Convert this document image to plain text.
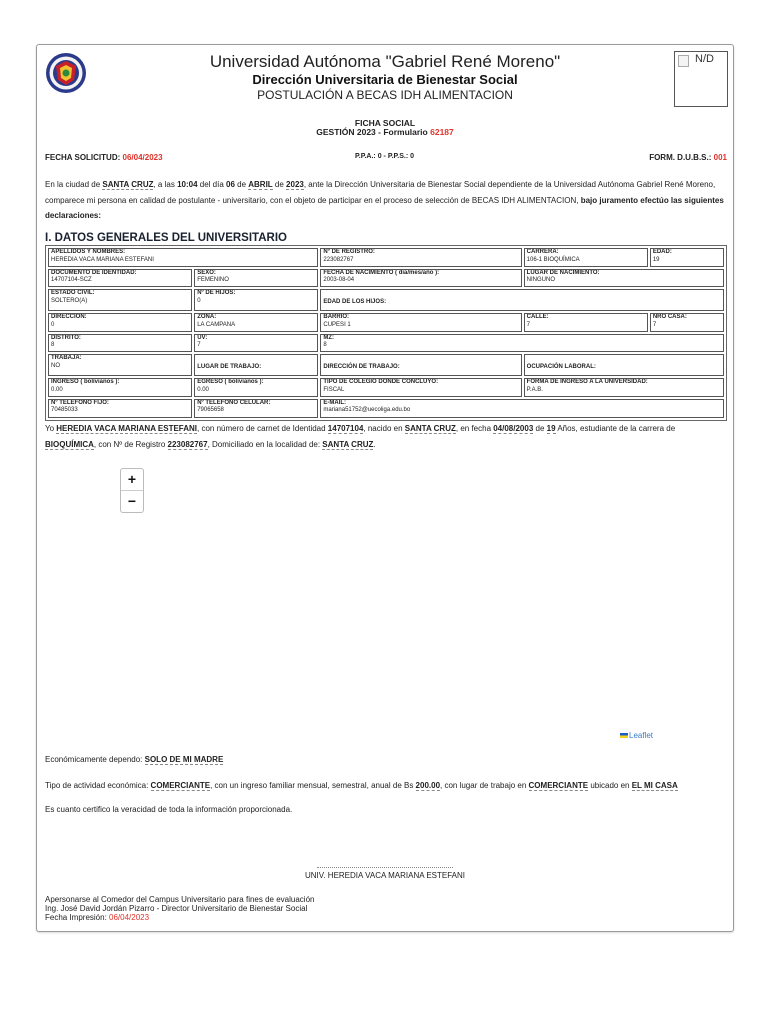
N/D
Universidad Autónoma "Gabriel René Moreno"
Dirección Universitaria de Bienestar Social
POSTULACIÓN A BECAS IDH ALIMENTACION
FICHA SOCIAL
GESTIÓN 2023 - Formulario 62187
FECHA SOLICITUD: 06/04/2023	P.P.A.: 0 - P.P.S.: 0	FORM. D.U.B.S.: 001
En la ciudad de SANTA CRUZ, a las 10:04 del día 06 de ABRIL de 2023, ante la Dirección Universitaria de Bienestar Social dependiente de la Universidad Autónoma Gabriel René Moreno, comparece mi persona en calidad de postulante - universitario, con el objeto de participar en el proceso de selección de BECAS IDH ALIMENTACION, bajo juramento efectúo las siguientes declaraciones:
I. DATOS GENERALES DEL UNIVERSITARIO
APELLIDOS Y NOMBRES:
HEREDIA VACA MARIANA ESTEFANI		Nº DE REGISTRO:
223082767	CARRERA:
106-1 BIOQUÍMICA	EDAD:
19

DOCUMENTO DE IDENTIDAD:
14707104-SCZ	SEXO:
FEMENINO	FECHA DE NACIMIENTO ( dia/mes/año ):
2003-08-04	LUGAR DE NACIMIENTO:
NINGUNO	

ESTADO CIVIL:
SOLTERO(A)	Nº DE HIJOS:
0	EDAD DE LOS HIJOS:		

DIRECCIÓN:
0	ZONA:
LA CAMPANA	BARRIO:
CUPESI 1	CALLE:
7	NRO CASA:
7

DISTRITO:
8	UV:
7	MZ:
8		

TRABAJA:
NO	LUGAR DE TRABAJO:	DIRECCIÓN DE TRABAJO:	OCUPACIÓN LABORAL:	

INGRESO ( bolivianos ):
0.00	EGRESO ( bolivianos ):
0.00	TIPO DE COLEGIO DONDE CONCLUYÓ:
FISCAL	FORMA DE INGRESO A LA UNIVERSIDAD:
P.A.B.	

Nº TELÉFONO FIJO:
70485033	Nº TELÉFONO CELULAR:
79065658	E-MAIL:
mariana51752@uecoliga.edu.bo		
Yo HEREDIA VACA MARIANA ESTEFANI, con número de carnet de Identidad 14707104, nacido en SANTA CRUZ, en fecha 04/08/2003 de 19 Años, estudiante de la carrera de BIOQUÍMICA, con Nº de Registro 223082767, Domiciliado en la localidad de: SANTA CRUZ.
+
−
Leaflet
Económicamente dependo: SOLO DE MI MADRE
Tipo de actividad económica: COMERCIANTE, con un ingreso familiar mensual, semestral, anual de Bs 200.00, con lugar de trabajo en COMERCIANTE ubicado en EL MI CASA
Es cuanto certifico la veracidad de toda la información proporcionada.
UNIV. HEREDIA VACA MARIANA ESTEFANI
Apersonarse al Comedor del Campus Universitario para fines de evaluación
Ing. José David Jordán Pizarro - Director Universitario de Bienestar Social
Fecha Impresión: 06/04/2023
